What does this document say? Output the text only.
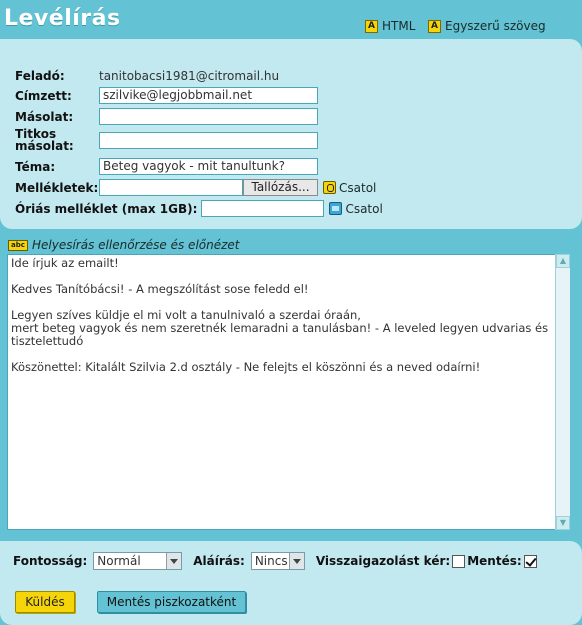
Levélírás	A HTML	A Egyszerű szöveg
Feladó:	tanitobacsi1981@citromail.hu
Címzett:	szilvike@legjobbmail.net
Másolat:
Titkos
másolat:
Téma:	Beteg vagyok - mit tanultunk?
Mellékletek:	Tallózás...	Csatol
Óriás melléklet (max 1GB):	Csatol
abc Helyesírás ellenőrzése és előnézet
Ide írjuk az emailt!

Kedves Tanítóbácsi! - A megszólítást sose feledd el!

Legyen szíves küldje el mi volt a tanulnivaló a szerdai óraán,
mert beteg vagyok és nem szeretnék lemaradni a tanulásban! - A leveled legyen udvarias és tisztelettudó

Köszönettel: Kitalált Szilvia 2.d osztály - Ne felejts el köszönni és a neved odaírni!
▲
▼
Fontosság: Normál	Aláírás: Nincs Visszaigazolást kér: Mentés:
Küldés	Mentés piszkozatként
